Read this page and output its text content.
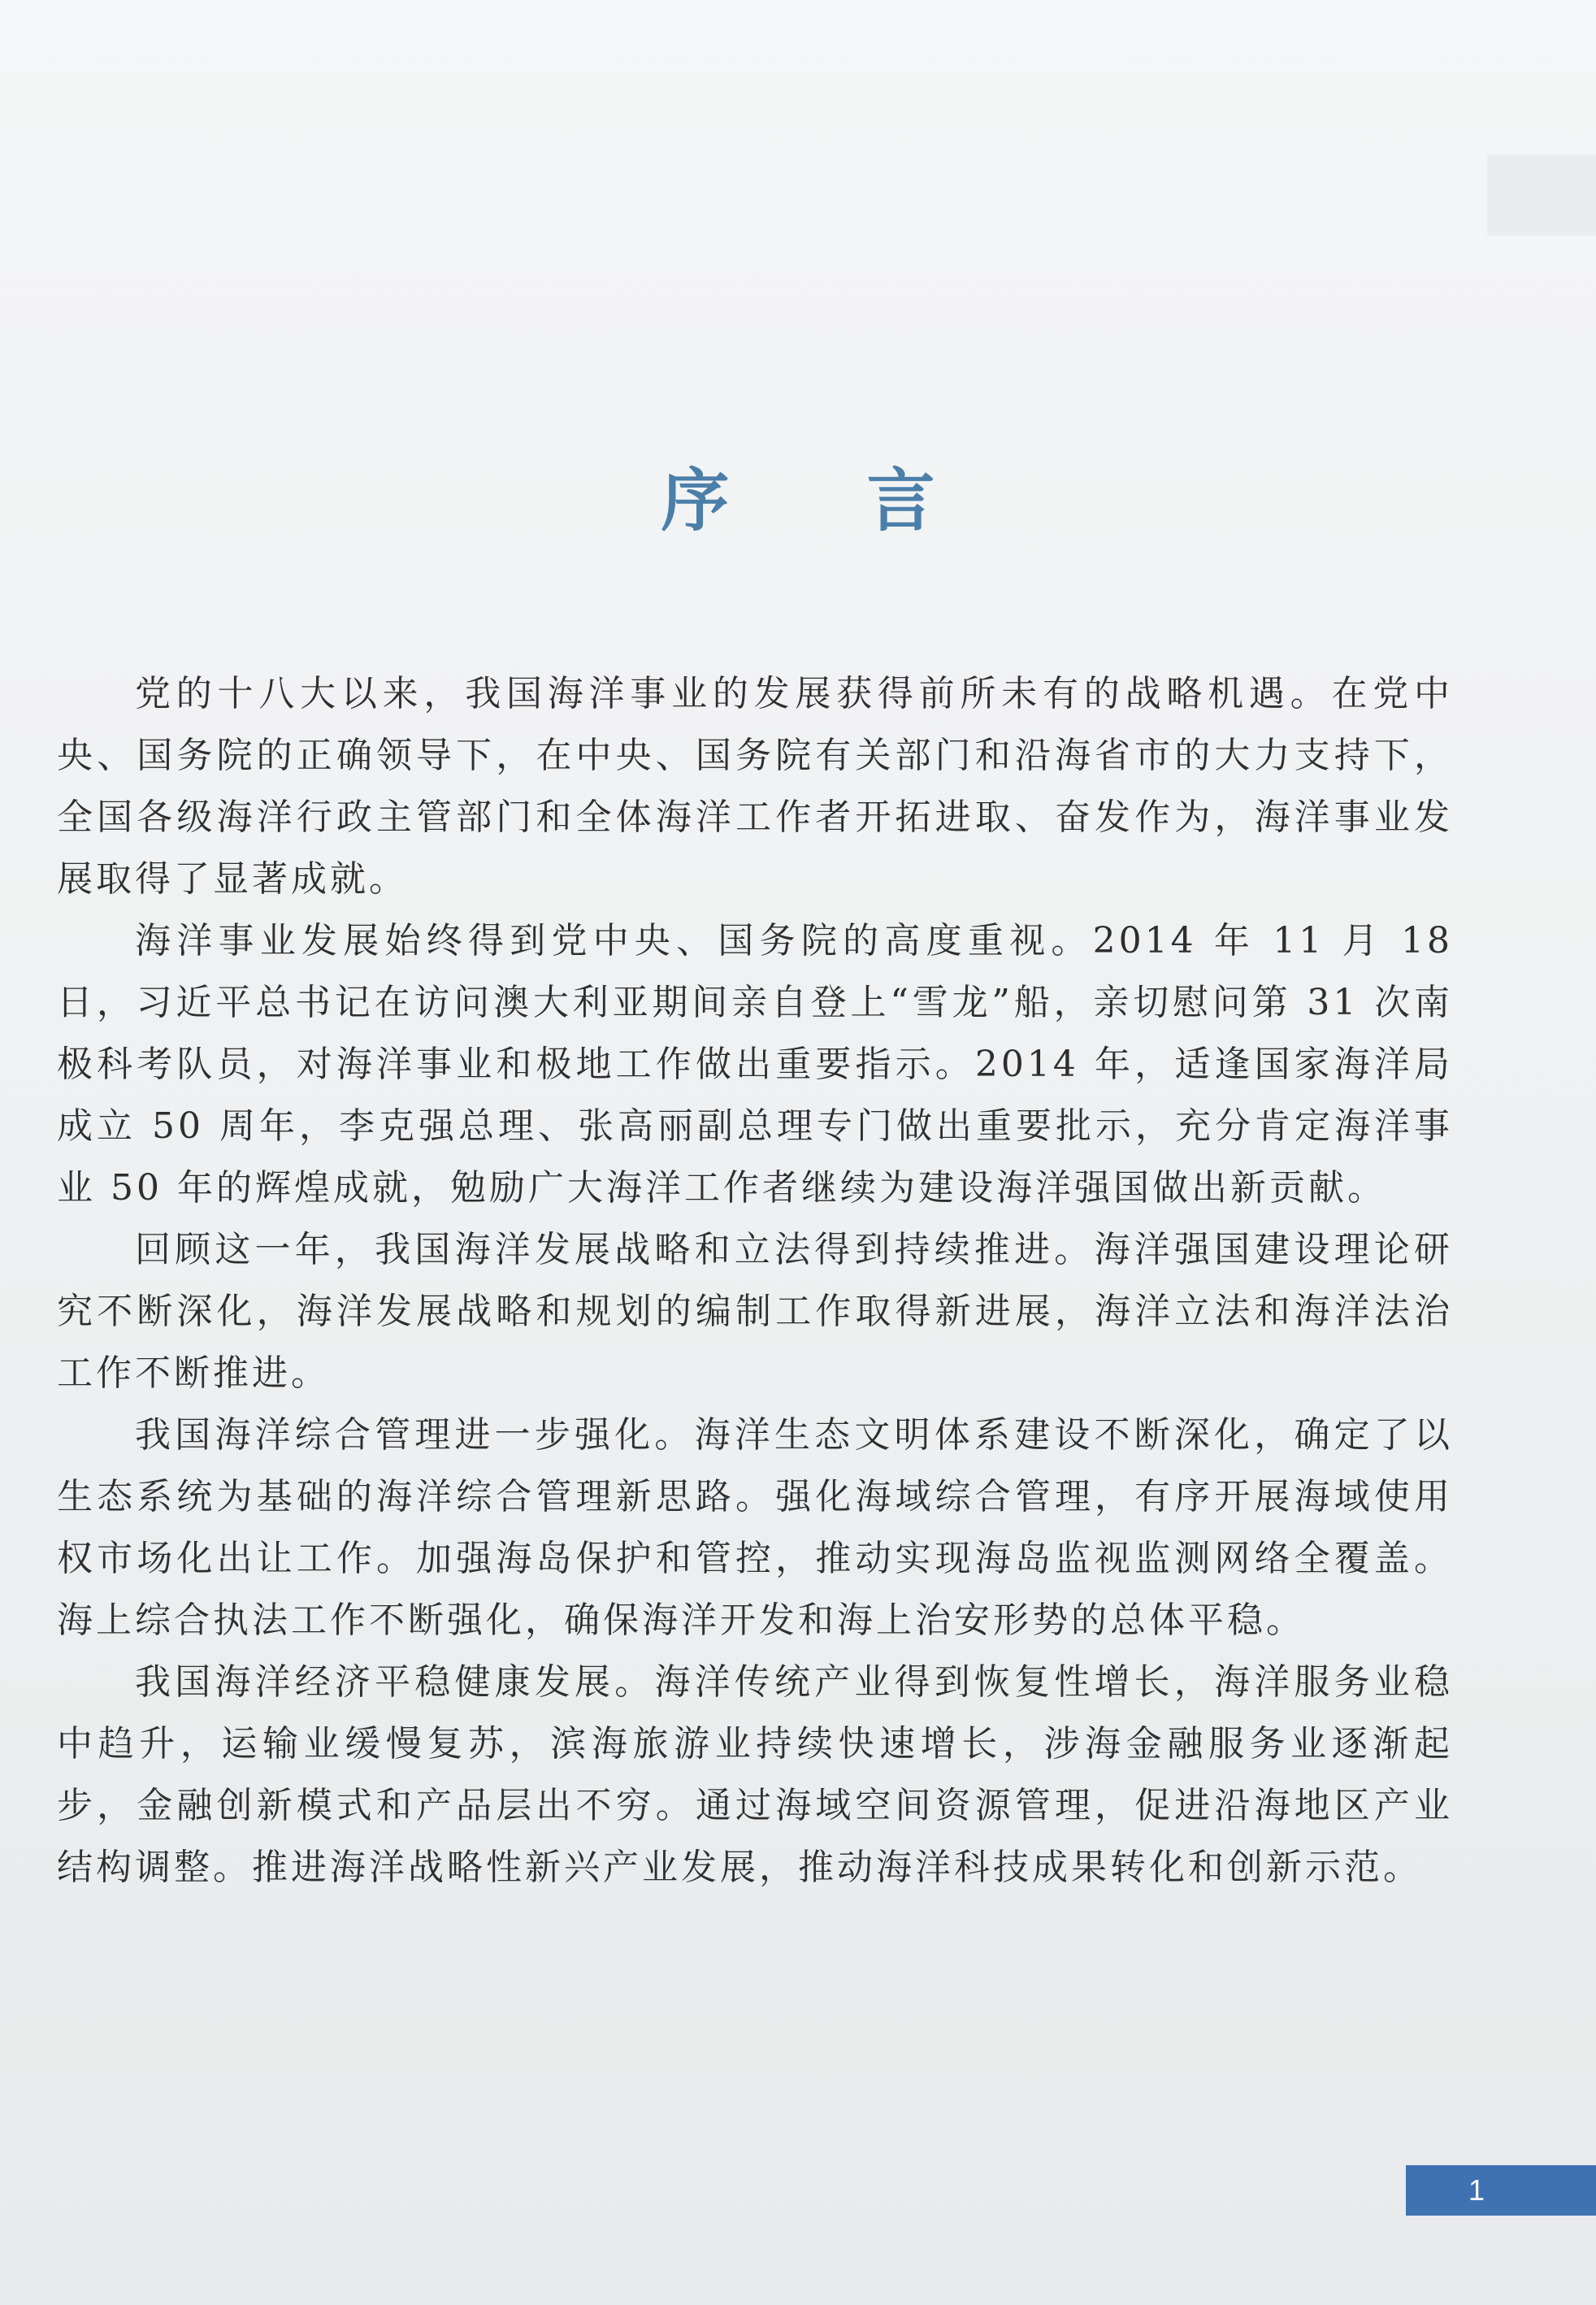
序 言

党的十八大以来，我国海洋事业的发展获得前所未有的战略机遇。在党中央、国务院的正确领导下，在中央、国务院有关部门和沿海省市的大力支持下，全国各级海洋行政主管部门和全体海洋工作者开拓进取、奋发作为，海洋事业发展取得了显著成就。

海洋事业发展始终得到党中央、国务院的高度重视。2014 年 11 月 18 日，习近平总书记在访问澳大利亚期间亲自登上“雪龙”船，亲切慰问第 31 次南极科考队员，对海洋事业和极地工作做出重要指示。2014 年，适逢国家海洋局成立 50 周年，李克强总理、张高丽副总理专门做出重要批示，充分肯定海洋事业 50 年的辉煌成就，勉励广大海洋工作者继续为建设海洋强国做出新贡献。

回顾这一年，我国海洋发展战略和立法得到持续推进。海洋强国建设理论研究不断深化，海洋发展战略和规划的编制工作取得新进展，海洋立法和海洋法治工作不断推进。

我国海洋综合管理进一步强化。海洋生态文明体系建设不断深化，确定了以生态系统为基础的海洋综合管理新思路。强化海域综合管理，有序开展海域使用权市场化出让工作。加强海岛保护和管控，推动实现海岛监视监测网络全覆盖。海上综合执法工作不断强化，确保海洋开发和海上治安形势的总体平稳。

我国海洋经济平稳健康发展。海洋传统产业得到恢复性增长，海洋服务业稳中趋升，运输业缓慢复苏，滨海旅游业持续快速增长，涉海金融服务业逐渐起步，金融创新模式和产品层出不穷。通过海域空间资源管理，促进沿海地区产业结构调整。推进海洋战略性新兴产业发展，推动海洋科技成果转化和创新示范。

1
